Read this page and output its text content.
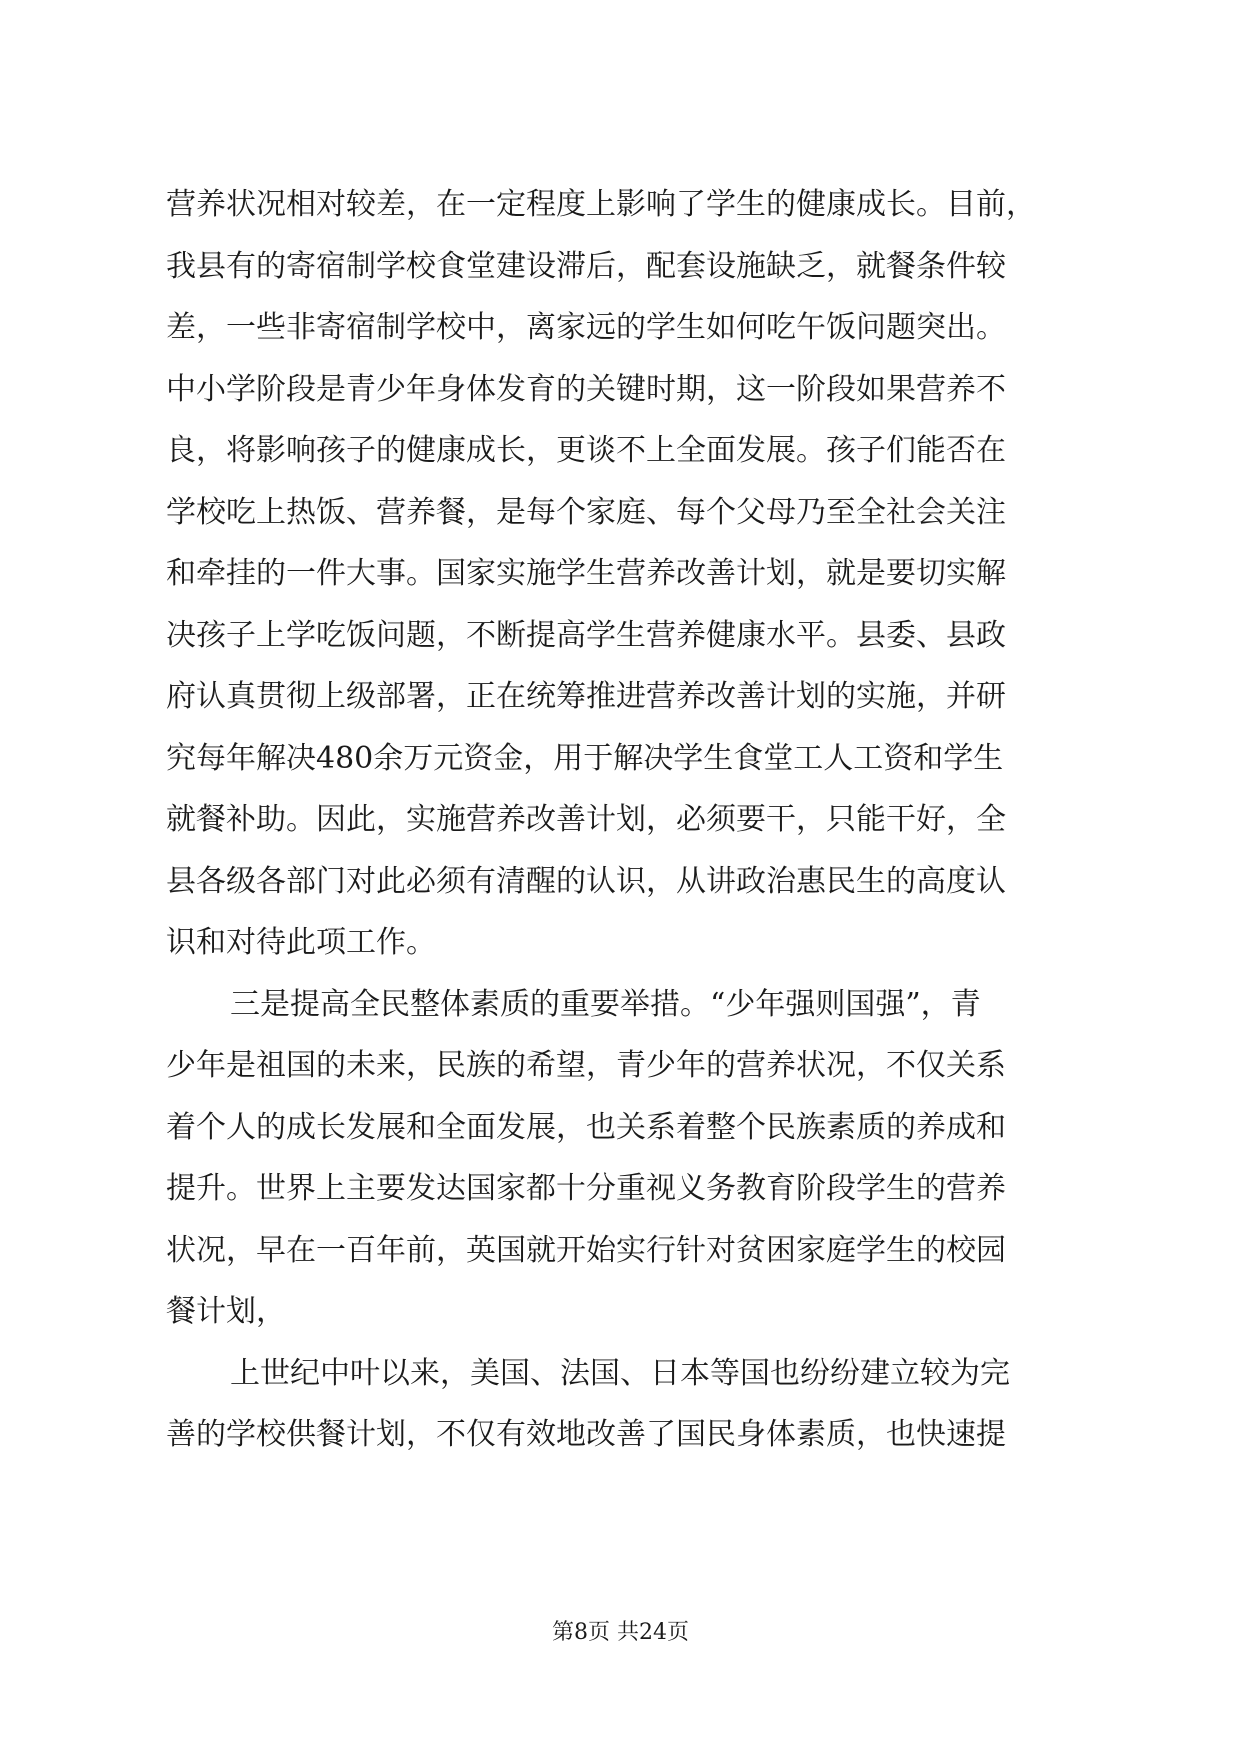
营养状况相对较差，在一定程度上影响了学生的健康成长。目前，
我县有的寄宿制学校食堂建设滞后，配套设施缺乏，就餐条件较
差，一些非寄宿制学校中，离家远的学生如何吃午饭问题突出。
中小学阶段是青少年身体发育的关键时期，这一阶段如果营养不
良，将影响孩子的健康成长，更谈不上全面发展。孩子们能否在
学校吃上热饭、营养餐，是每个家庭、每个父母乃至全社会关注
和牵挂的一件大事。国家实施学生营养改善计划，就是要切实解
决孩子上学吃饭问题，不断提高学生营养健康水平。县委、县政
府认真贯彻上级部署，正在统筹推进营养改善计划的实施，并研
究每年解决480余万元资金，用于解决学生食堂工人工资和学生
就餐补助。因此，实施营养改善计划，必须要干，只能干好，全
县各级各部门对此必须有清醒的认识，从讲政治惠民生的高度认
识和对待此项工作。
三是提高全民整体素质的重要举措。“少年强则国强”，青
少年是祖国的未来，民族的希望，青少年的营养状况，不仅关系
着个人的成长发展和全面发展，也关系着整个民族素质的养成和
提升。世界上主要发达国家都十分重视义务教育阶段学生的营养
状况，早在一百年前，英国就开始实行针对贫困家庭学生的校园
餐计划，
上世纪中叶以来，美国、法国、日本等国也纷纷建立较为完
善的学校供餐计划，不仅有效地改善了国民身体素质，也快速提
第8页 共24页
